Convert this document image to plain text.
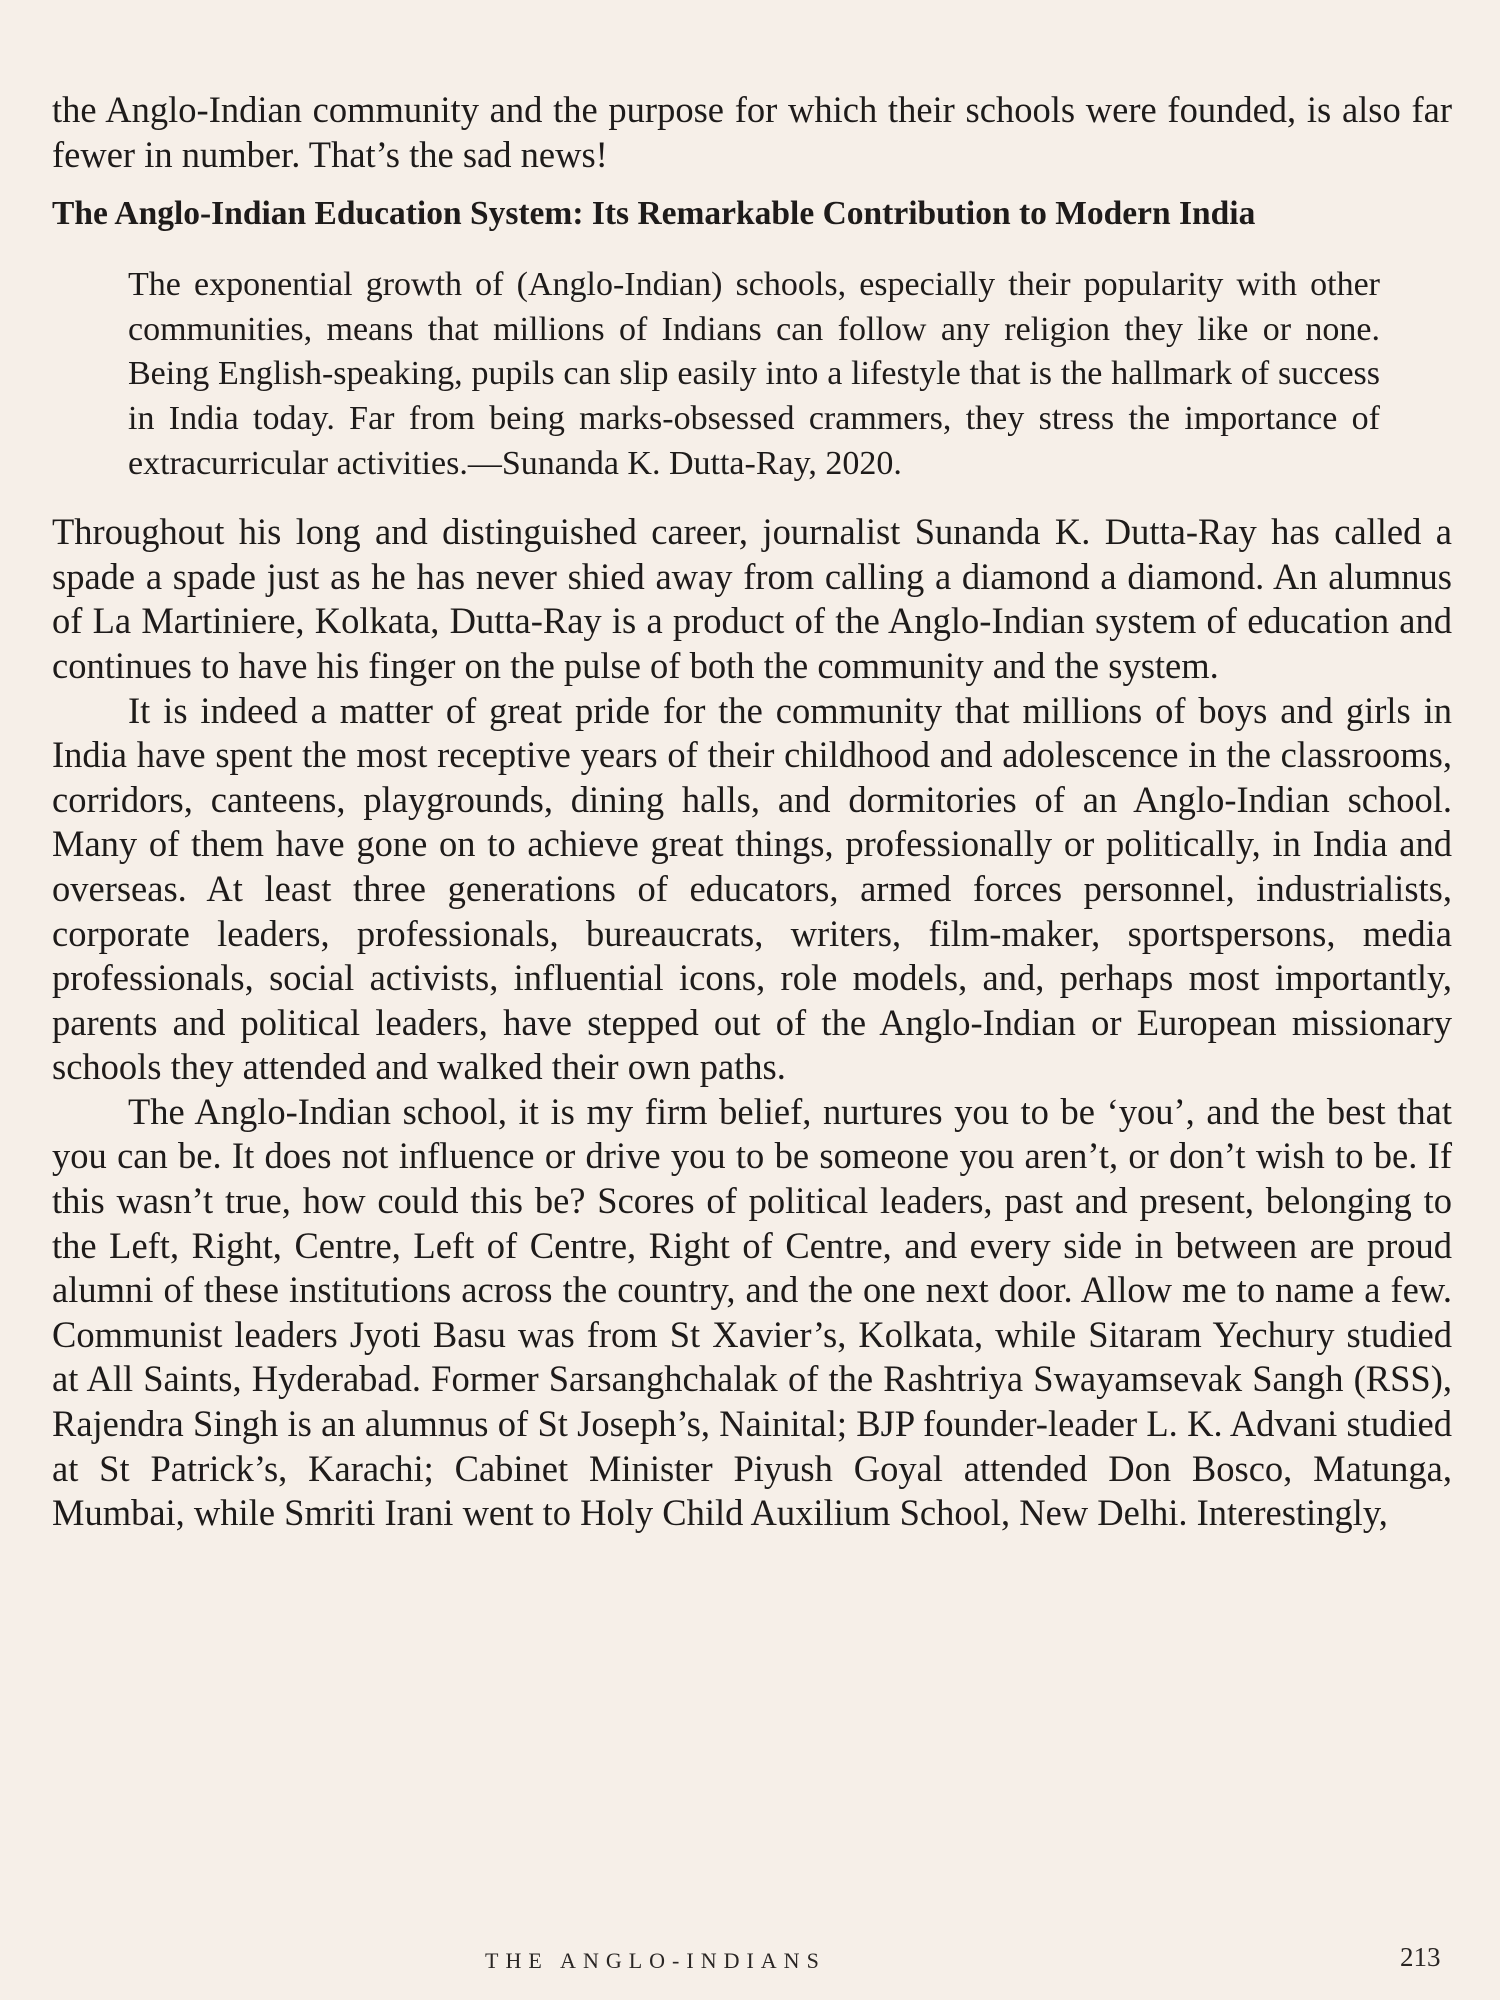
the Anglo-Indian community and the purpose for which their schools were founded, is also far fewer in number. That’s the sad news!

The Anglo-Indian Education System: Its Remarkable Contribution to Modern India
The exponential growth of (Anglo-Indian) schools, especially their popularity with other communities, means that millions of Indians can follow any religion they like or none. Being English-speaking, pupils can slip easily into a lifestyle that is the hallmark of success in India today. Far from being marks-obsessed crammers, they stress the importance of extracurricular activities.—Sunanda K. Dutta-Ray, 2020.

Throughout his long and distinguished career, journalist Sunanda K. Dutta-Ray has called a spade a spade just as he has never shied away from calling a diamond a diamond. An alumnus of La Martiniere, Kolkata, Dutta-Ray is a product of the Anglo-Indian system of education and continues to have his finger on the pulse of both the community and the system.

It is indeed a matter of great pride for the community that millions of boys and girls in India have spent the most receptive years of their childhood and adolescence in the classrooms, corridors, canteens, playgrounds, dining halls, and dormitories of an Anglo-Indian school. Many of them have gone on to achieve great things, professionally or politically, in India and overseas. At least three generations of educators, armed forces personnel, industrialists, corporate leaders, professionals, bureaucrats, writers, film-maker, sportspersons, media professionals, social activists, influential icons, role models, and, perhaps most importantly, parents and political leaders, have stepped out of the Anglo-Indian or European missionary schools they attended and walked their own paths.

The Anglo-Indian school, it is my firm belief, nurtures you to be ‘you’, and the best that you can be. It does not influence or drive you to be someone you aren’t, or don’t wish to be. If this wasn’t true, how could this be? Scores of political leaders, past and present, belonging to the Left, Right, Centre, Left of Centre, Right of Centre, and every side in between are proud alumni of these institutions across the country, and the one next door. Allow me to name a few. Communist leaders Jyoti Basu was from St Xavier’s, Kolkata, while Sitaram Yechury studied at All Saints, Hyderabad. Former Sarsanghchalak of the Rashtriya Swayamsevak Sangh (RSS), Rajendra Singh is an alumnus of St Joseph’s, Nainital; BJP founder-leader L. K. Advani studied at St Patrick’s, Karachi; Cabinet Minister Piyush Goyal attended Don Bosco, Matunga, Mumbai, while Smriti Irani went to Holy Child Auxilium School, New Delhi. Interestingly,

THE ANGLO-INDIANS	213
